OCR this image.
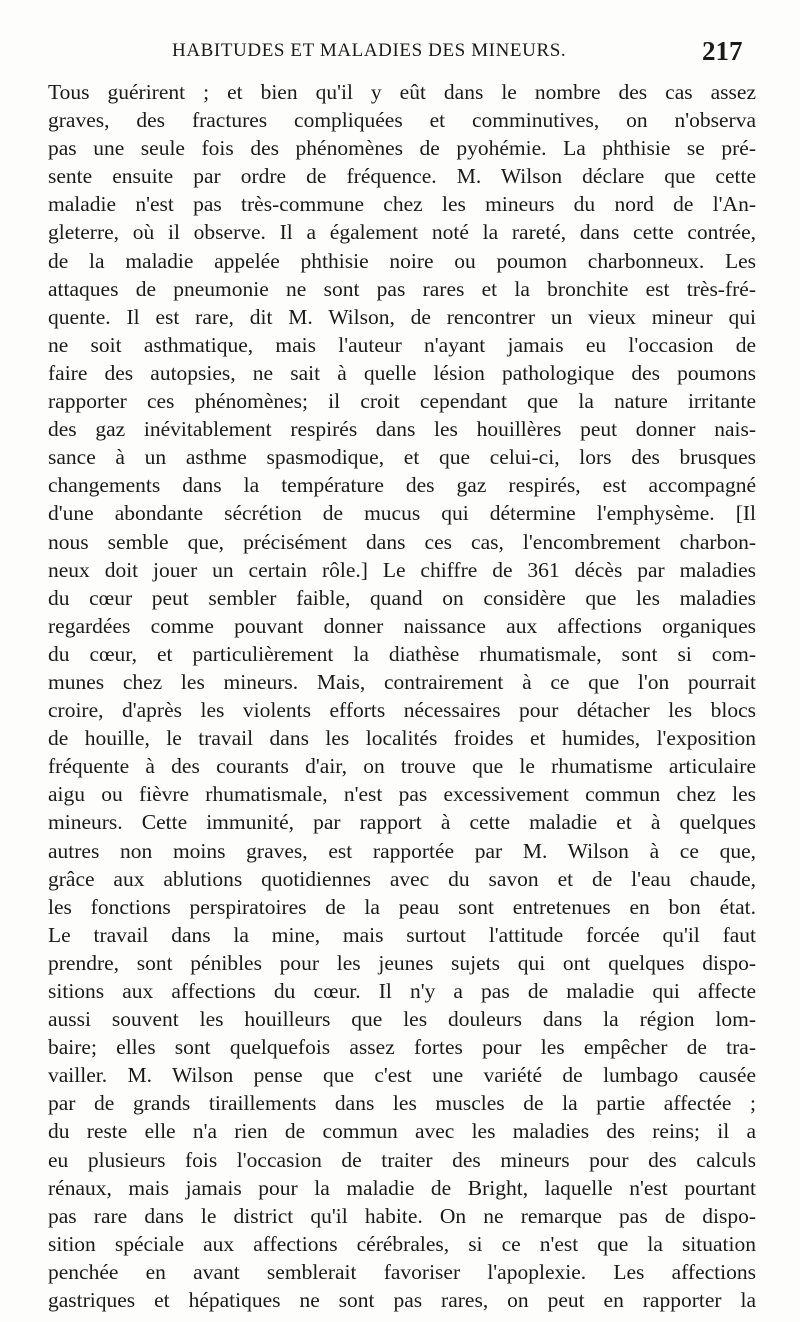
HABITUDES ET MALADIES DES MINEURS.	217
Tous guérirent ; et bien qu'il y eût dans le nombre des cas assez
graves, des fractures compliquées et comminutives, on n'observa
pas une seule fois des phénomènes de pyohémie. La phthisie se pré-
sente ensuite par ordre de fréquence. M. Wilson déclare que cette
maladie n'est pas très-commune chez les mineurs du nord de l'An-
gleterre, où il observe. Il a également noté la rareté, dans cette contrée,
de la maladie appelée phthisie noire ou poumon charbonneux. Les
attaques de pneumonie ne sont pas rares et la bronchite est très-fré-
quente. Il est rare, dit M. Wilson, de rencontrer un vieux mineur qui
ne soit asthmatique, mais l'auteur n'ayant jamais eu l'occasion de
faire des autopsies, ne sait à quelle lésion pathologique des poumons
rapporter ces phénomènes; il croit cependant que la nature irritante
des gaz inévitablement respirés dans les houillères peut donner nais-
sance à un asthme spasmodique, et que celui-ci, lors des brusques
changements dans la température des gaz respirés, est accompagné
d'une abondante sécrétion de mucus qui détermine l'emphysème. [Il
nous semble que, précisément dans ces cas, l'encombrement charbon-
neux doit jouer un certain rôle.] Le chiffre de 361 décès par maladies
du cœur peut sembler faible, quand on considère que les maladies
regardées comme pouvant donner naissance aux affections organiques
du cœur, et particulièrement la diathèse rhumatismale, sont si com-
munes chez les mineurs. Mais, contrairement à ce que l'on pourrait
croire, d'après les violents efforts nécessaires pour détacher les blocs
de houille, le travail dans les localités froides et humides, l'exposition
fréquente à des courants d'air, on trouve que le rhumatisme articulaire
aigu ou fièvre rhumatismale, n'est pas excessivement commun chez les
mineurs. Cette immunité, par rapport à cette maladie et à quelques
autres non moins graves, est rapportée par M. Wilson à ce que,
grâce aux ablutions quotidiennes avec du savon et de l'eau chaude,
les fonctions perspiratoires de la peau sont entretenues en bon état.
Le travail dans la mine, mais surtout l'attitude forcée qu'il faut
prendre, sont pénibles pour les jeunes sujets qui ont quelques dispo-
sitions aux affections du cœur. Il n'y a pas de maladie qui affecte
aussi souvent les houilleurs que les douleurs dans la région lom-
baire; elles sont quelquefois assez fortes pour les empêcher de tra-
vailler. M. Wilson pense que c'est une variété de lumbago causée
par de grands tiraillements dans les muscles de la partie affectée ;
du reste elle n'a rien de commun avec les maladies des reins; il a
eu plusieurs fois l'occasion de traiter des mineurs pour des calculs
rénaux, mais jamais pour la maladie de Bright, laquelle n'est pourtant
pas rare dans le district qu'il habite. On ne remarque pas de dispo-
sition spéciale aux affections cérébrales, si ce n'est que la situation
penchée en avant semblerait favoriser l'apoplexie. Les affections
gastriques et hépatiques ne sont pas rares, on peut en rapporter la
